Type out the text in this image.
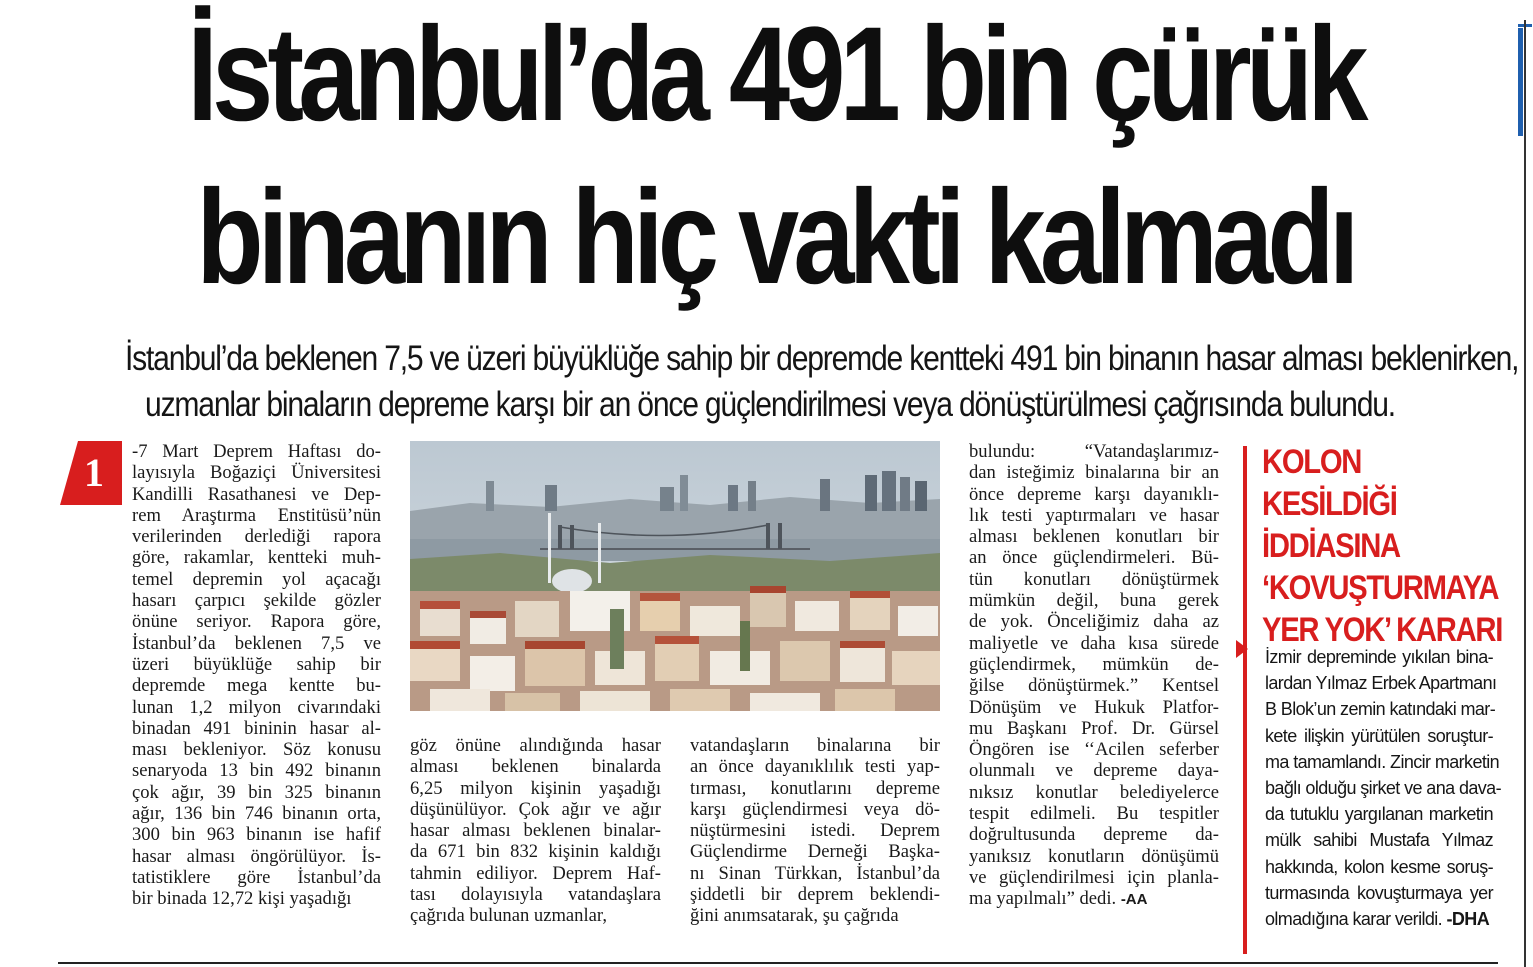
İstanbul’da 491 bin çürük
binanın hiç vakti kalmadı
İstanbul’da beklenen 7,5 ve üzeri büyüklüğe sahip bir depremde kentteki 491 bin binanın hasar alması beklenirken,
uzmanlar binaların depreme karşı bir an önce güçlendirilmesi veya dönüştürülmesi çağrısında bulundu.
1 -7 Mart Deprem Haftası do-
layısıyla Boğaziçi Üniversitesi
Kandilli Rasathanesi ve Dep-
rem Araştırma Enstitüsü’nün
verilerinden derlediği rapora
göre, rakamlar, kentteki muh-
temel depremin yol açacağı
hasarı çarpıcı şekilde gözler
önüne seriyor. Rapora göre,
İstanbul’da beklenen 7,5 ve
üzeri büyüklüğe sahip bir
depremde mega kentte bu-
lunan 1,2 milyon civarındaki
binadan 491 bininin hasar al-
ması bekleniyor. Söz konusu
senaryoda 13 bin 492 binanın
çok ağır, 39 bin 325 binanın
ağır, 136 bin 746 binanın orta,
300 bin 963 binanın ise hafif
hasar alması öngörülüyor. İs-
tatistiklere göre İstanbul’da
bir binada 12,72 kişi yaşadığı
göz önüne alındığında hasar
alması beklenen binalarda
6,25 milyon kişinin yaşadığı
düşünülüyor. Çok ağır ve ağır
hasar alması beklenen binalar-
da 671 bin 832 kişinin kaldığı
tahmin ediliyor. Deprem Haf-
tası dolayısıyla vatandaşlara
çağrıda bulunan uzmanlar,
vatandaşların binalarına bir
an önce dayanıklılık testi yap-
tırması, konutlarını depreme
karşı güçlendirmesi veya dö-
nüştürmesini istedi. Deprem
Güçlendirme Derneği Başka-
nı Sinan Türkkan, İstanbul’da
şiddetli bir deprem beklendi-
ğini anımsatarak, şu çağrıda
bulundu: “Vatandaşlarımız-
dan isteğimiz binalarına bir an
önce depreme karşı dayanıklı-
lık testi yaptırmaları ve hasar
alması beklenen konutları bir
an önce güçlendirmeleri. Bü-
tün konutları dönüştürmek
mümkün değil, buna gerek
de yok. Önceliğimiz daha az
maliyetle ve daha kısa sürede
güçlendirmek, mümkün de-
ğilse dönüştürmek.” Kentsel
Dönüşüm ve Hukuk Platfor-
mu Başkanı Prof. Dr. Gürsel
Öngören ise ‘‘Acilen seferber
olunmalı ve depreme daya-
nıksız konutlar belediyelerce
tespit edilmeli. Bu tespitler
doğrultusunda depreme da-
yanıksız konutların dönüşümü
ve güçlendirilmesi için planla-
ma yapılmalı” dedi. -AA
KOLON
KESİLDİĞİ
İDDİASINA
‘KOVUŞTURMAYA
YER YOK’ KARARI
İzmir depreminde yıkılan bina-
lardan Yılmaz Erbek Apartmanı
B Blok’un zemin katındaki mar-
kete ilişkin yürütülen soruştur-
ma tamamlandı. Zincir marketin
bağlı olduğu şirket ve ana dava-
da tutuklu yargılanan marketin
mülk sahibi Mustafa Yılmaz
hakkında, kolon kesme soruş-
turmasında kovuşturmaya yer
olmadığına karar verildi. -DHA
